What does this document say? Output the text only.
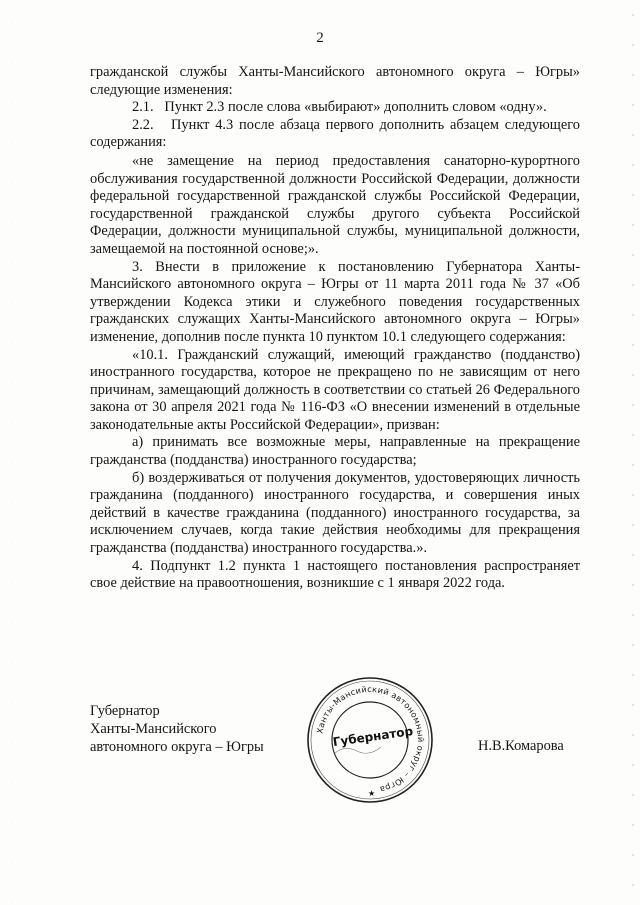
2

гражданской службы Ханты-Мансийского автономного округа – Югры» следующие изменения:

2.1.   Пункт 2.3 после слова «выбирают» дополнить словом «одну».

2.2.   Пункт 4.3 после абзаца первого дополнить абзацем следующего содержания:

«не замещение на период предоставления санаторно-курортного обслуживания государственной должности Российской Федерации, должности федеральной государственной гражданской службы Российской Федерации, государственной гражданской службы другого субъекта Российской Федерации, должности муниципальной службы, муниципальной должности, замещаемой на постоянной основе;».

3. Внести в приложение к постановлению Губернатора Ханты-Мансийского автономного округа – Югры от 11 марта 2011 года № 37 «Об утверждении Кодекса этики и служебного поведения государственных гражданских служащих Ханты-Мансийского автономного округа – Югры» изменение, дополнив после пункта 10 пунктом 10.1 следующего содержания:

«10.1. Гражданский служащий, имеющий гражданство (подданство) иностранного государства, которое не прекращено по не зависящим от него причинам, замещающий должность в соответствии со статьей 26 Федерального закона от 30 апреля 2021 года № 116-ФЗ «О внесении изменений в отдельные законодательные акты Российской Федерации», призван:

а) принимать все возможные меры, направленные на прекращение гражданства (подданства) иностранного государства;

б) воздерживаться от получения документов, удостоверяющих личность гражданина (подданного) иностранного государства, и совершения иных действий в качестве гражданина (подданного) иностранного государства, за исключением случаев, когда такие действия необходимы для прекращения гражданства (подданства) иностранного государства.».

4. Подпункт 1.2 пункта 1 настоящего постановления распространяет свое действие на правоотношения, возникшие с 1 января 2022 года.

Губернатор
Ханты-Мансийского
автономного округа – Югры
Ханты-Мансийский автономный округ – Югра
★
Губернатор	Н.В.Комарова
